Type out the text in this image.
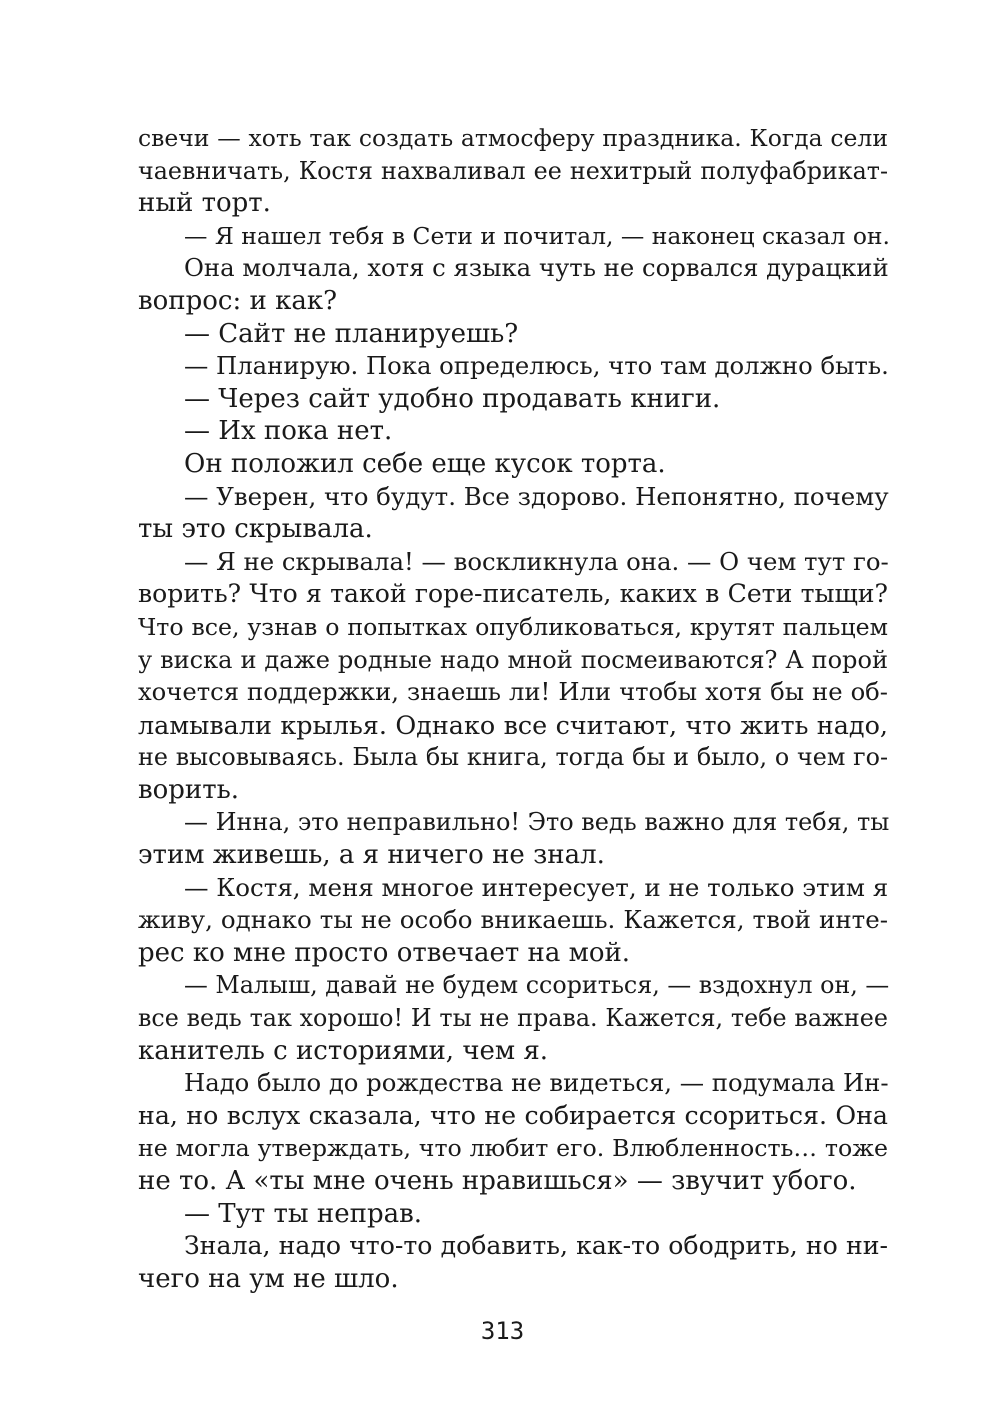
свечи — хоть так создать атмосферу праздника. Когда сели
чаевничать, Костя нахваливал ее нехитрый полуфабрикат-
ный торт.
— Я нашел тебя в Сети и почитал, — наконец сказал он.
Она молчала, хотя с языка чуть не сорвался дурацкий
вопрос: и как?
— Сайт не планируешь?
— Планирую. Пока определюсь, что там должно быть.
— Через сайт удобно продавать книги.
— Их пока нет.
Он положил себе еще кусок торта.
— Уверен, что будут. Все здорово. Непонятно, почему
ты это скрывала.
— Я не скрывала! — воскликнула она. — О чем тут го-
ворить? Что я такой горе-писатель, каких в Сети тыщи?
Что все, узнав о попытках опубликоваться, крутят пальцем
у виска и даже родные надо мной посмеиваются? А порой
хочется поддержки, знаешь ли! Или чтобы хотя бы не об-
ламывали крылья. Однако все считают, что жить надо,
не высовываясь. Была бы книга, тогда бы и было, о чем го-
ворить.
— Инна, это неправильно! Это ведь важно для тебя, ты
этим живешь, а я ничего не знал.
— Костя, меня многое интересует, и не только этим я
живу, однако ты не особо вникаешь. Кажется, твой инте-
рес ко мне просто отвечает на мой.
— Малыш, давай не будем ссориться, — вздохнул он, —
все ведь так хорошо! И ты не права. Кажется, тебе важнее
канитель с историями, чем я.
Надо было до рождества не видеться, — подумала Ин-
на, но вслух сказала, что не собирается ссориться. Она
не могла утверждать, что любит его. Влюбленность… тоже
не то. А «ты мне очень нравишься» — звучит убого.
— Тут ты неправ.
Знала, надо что-то добавить, как-то ободрить, но ни-
чего на ум не шло.
313
